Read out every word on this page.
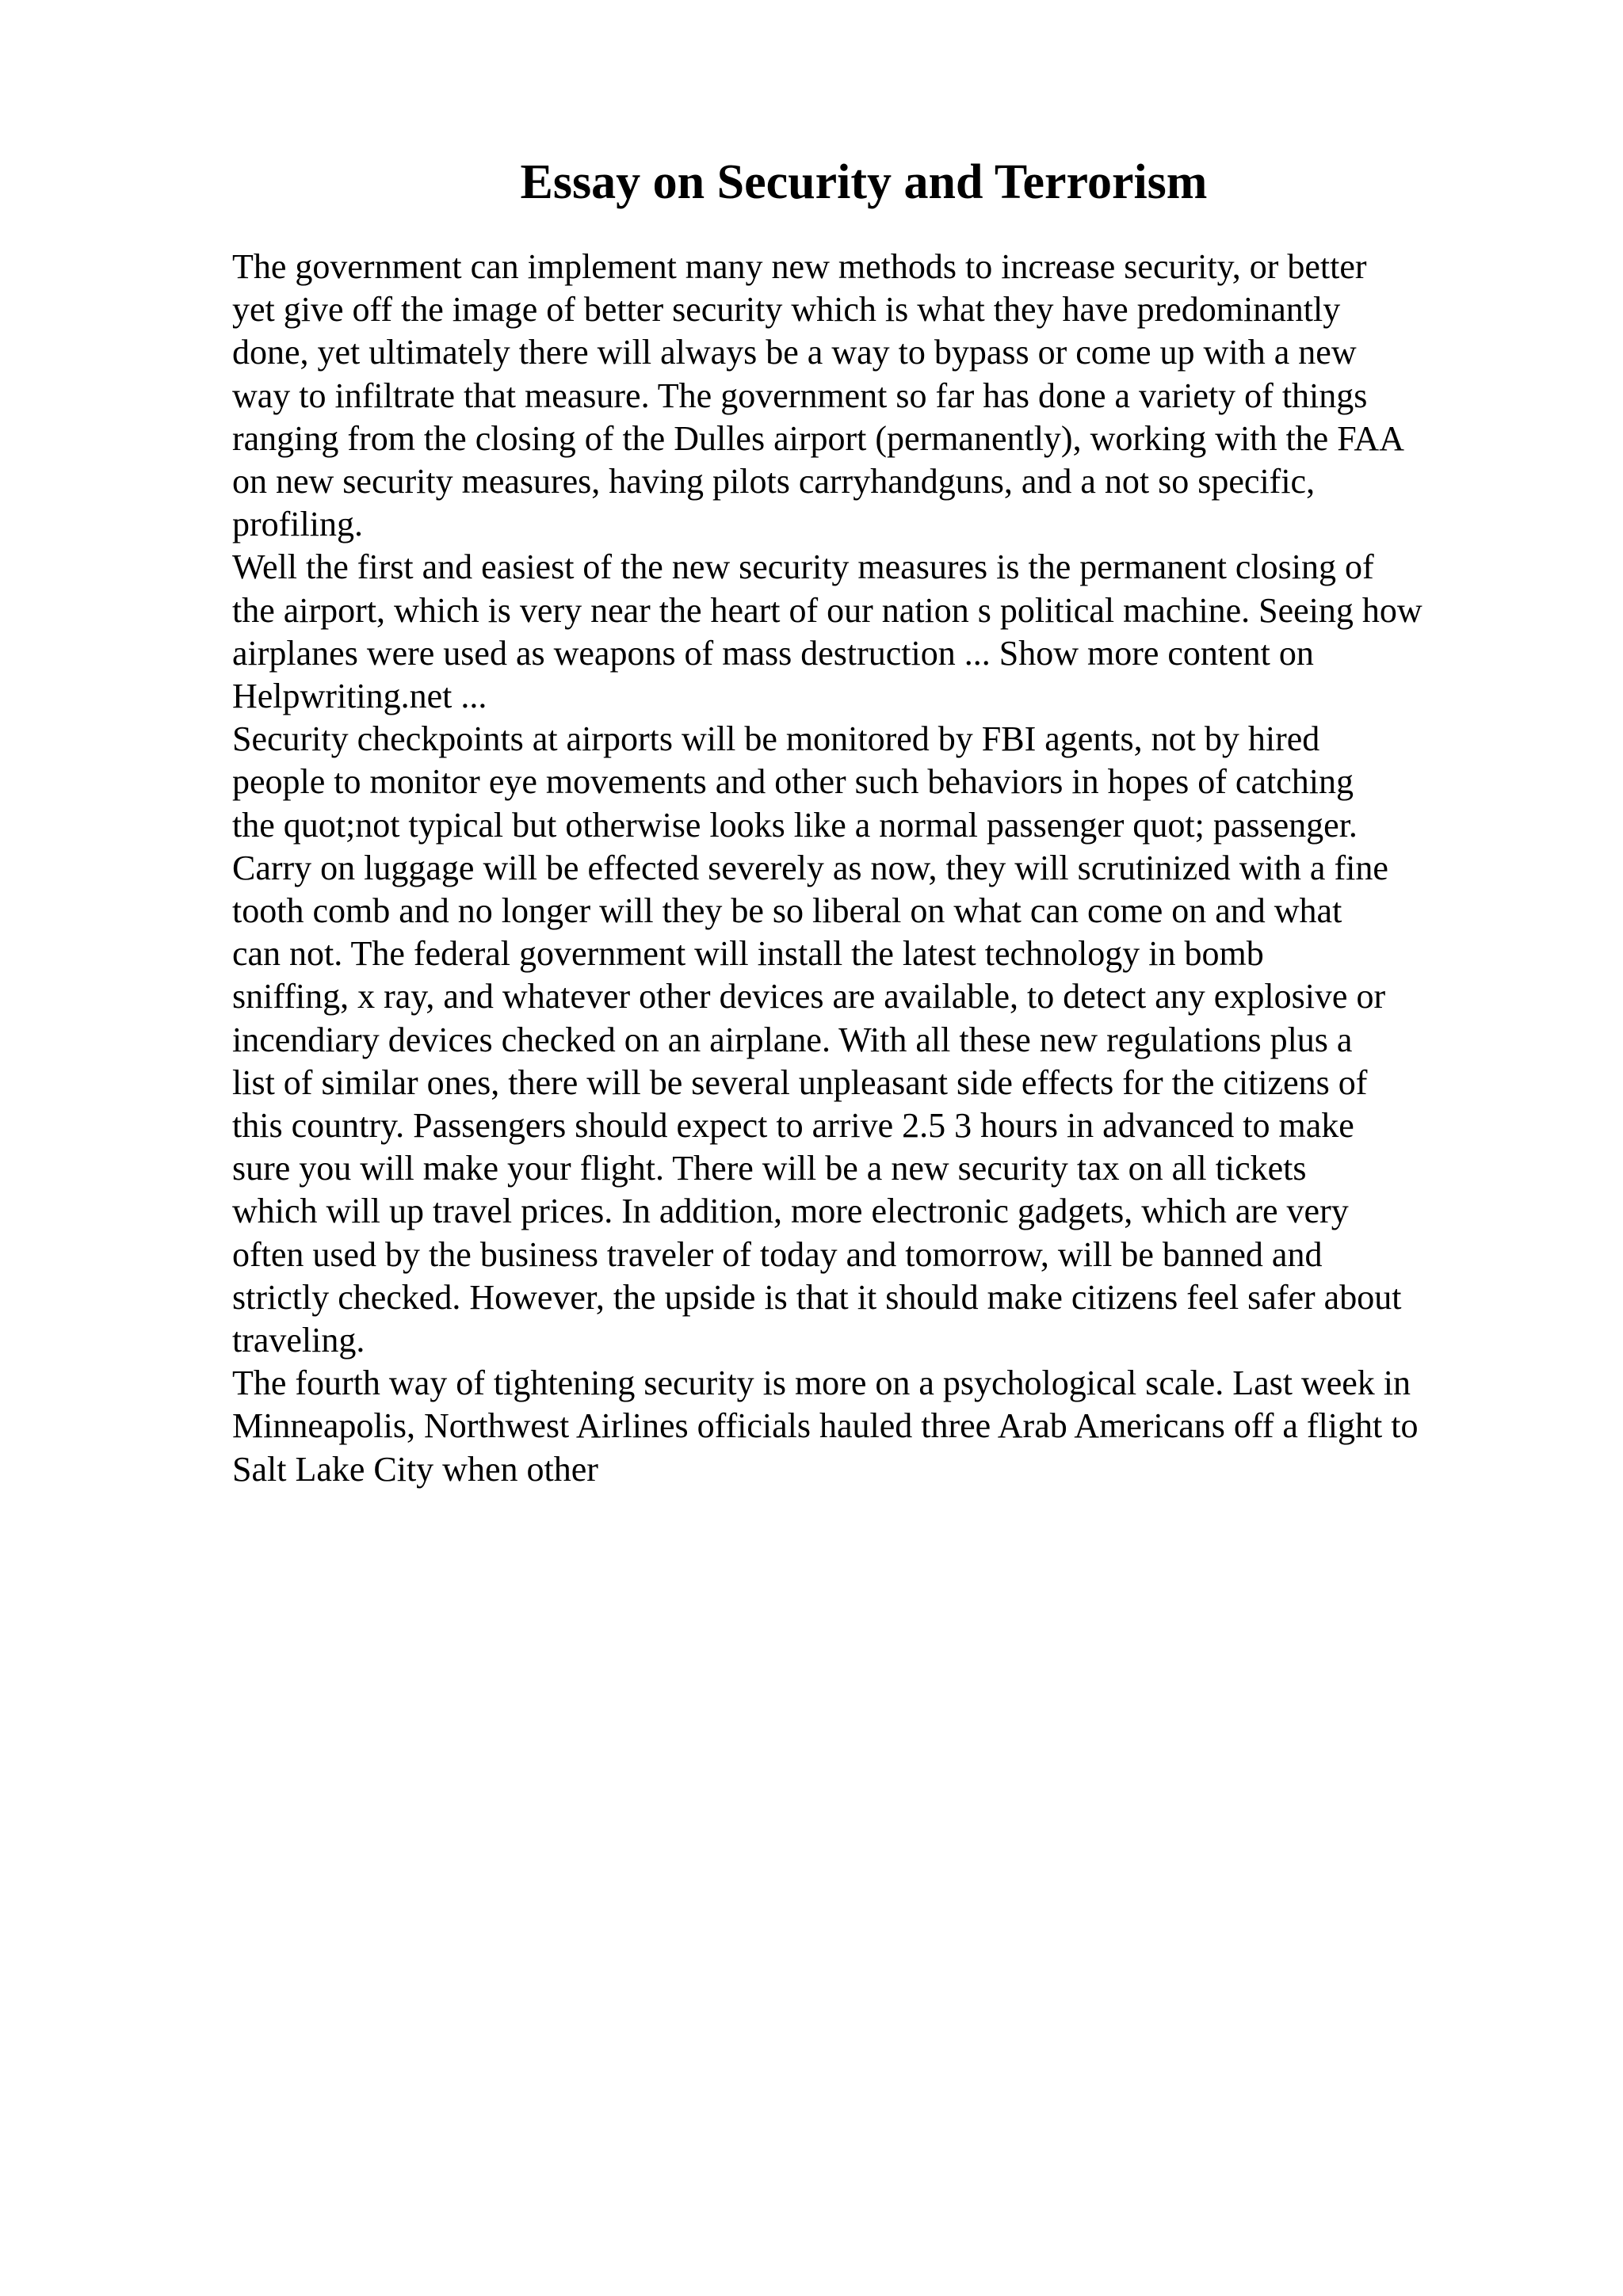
Essay on Security and Terrorism
The government can implement many new methods to increase security, or better
yet give off the image of better security which is what they have predominantly
done, yet ultimately there will always be a way to bypass or come up with a new
way to infiltrate that measure. The government so far has done a variety of things
ranging from the closing of the Dulles airport (permanently), working with the FAA
on new security measures, having pilots carryhandguns, and a not so specific,
profiling.
Well the first and easiest of the new security measures is the permanent closing of
the airport, which is very near the heart of our nation s political machine. Seeing how
airplanes were used as weapons of mass destruction ... Show more content on
Helpwriting.net ...
Security checkpoints at airports will be monitored by FBI agents, not by hired
people to monitor eye movements and other such behaviors in hopes of catching
the quot;not typical but otherwise looks like a normal passenger quot; passenger.
Carry on luggage will be effected severely as now, they will scrutinized with a fine
tooth comb and no longer will they be so liberal on what can come on and what
can not. The federal government will install the latest technology in bomb
sniffing, x ray, and whatever other devices are available, to detect any explosive or
incendiary devices checked on an airplane. With all these new regulations plus a
list of similar ones, there will be several unpleasant side effects for the citizens of
this country. Passengers should expect to arrive 2.5 3 hours in advanced to make
sure you will make your flight. There will be a new security tax on all tickets
which will up travel prices. In addition, more electronic gadgets, which are very
often used by the business traveler of today and tomorrow, will be banned and
strictly checked. However, the upside is that it should make citizens feel safer about
traveling.
The fourth way of tightening security is more on a psychological scale. Last week in
Minneapolis, Northwest Airlines officials hauled three Arab Americans off a flight to
Salt Lake City when other
